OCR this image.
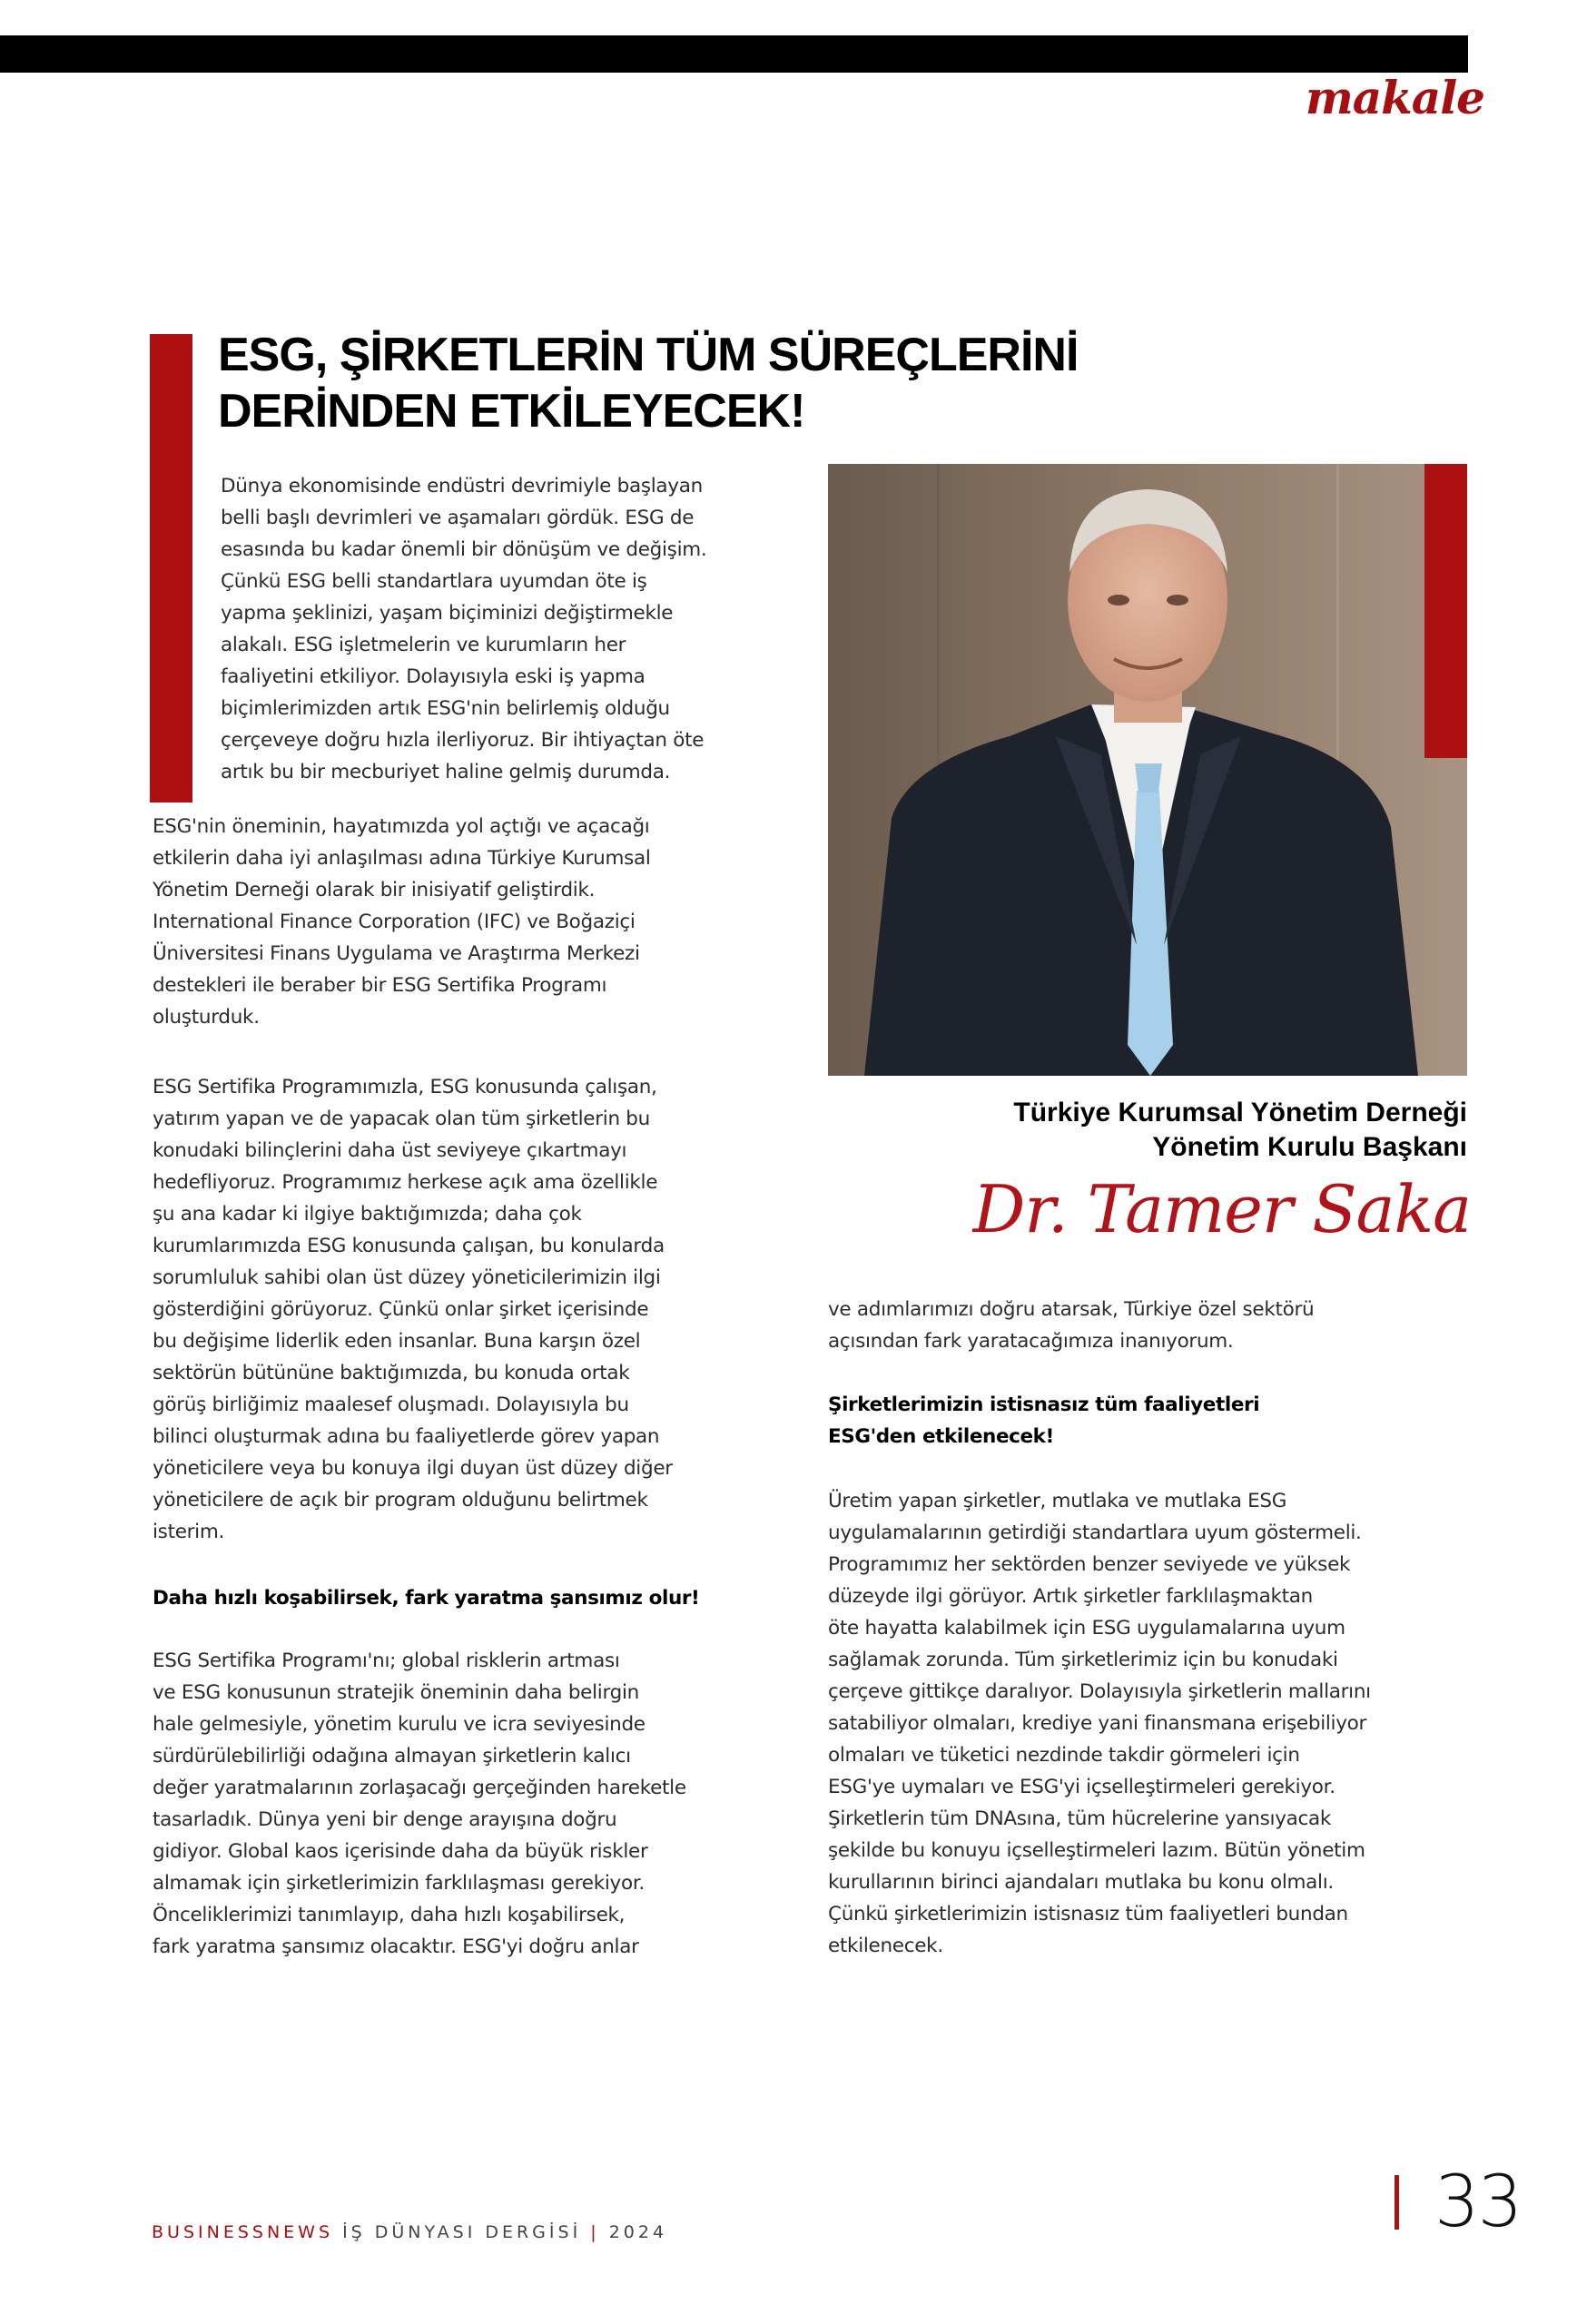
makale
ESG, ŞİRKETLERİN TÜM SÜREÇLERİNİ
DERİNDEN ETKİLEYECEK!
Dünya ekonomisinde endüstri devrimiyle başlayan
belli başlı devrimleri ve aşamaları gördük. ESG de
esasında bu kadar önemli bir dönüşüm ve değişim.
Çünkü ESG belli standartlara uyumdan öte iş
yapma şeklinizi, yaşam biçiminizi değiştirmekle
alakalı. ESG işletmelerin ve kurumların her
faaliyetini etkiliyor. Dolayısıyla eski iş yapma
biçimlerimizden artık ESG'nin belirlemiş olduğu
çerçeveye doğru hızla ilerliyoruz. Bir ihtiyaçtan öte
artık bu bir mecburiyet haline gelmiş durumda.
ESG'nin öneminin, hayatımızda yol açtığı ve açacağı
etkilerin daha iyi anlaşılması adına Türkiye Kurumsal
Yönetim Derneği olarak bir inisiyatif geliştirdik.
International Finance Corporation (IFC) ve Boğaziçi
Üniversitesi Finans Uygulama ve Araştırma Merkezi
destekleri ile beraber bir ESG Sertifika Programı
oluşturduk.
ESG Sertifika Programımızla, ESG konusunda çalışan,
yatırım yapan ve de yapacak olan tüm şirketlerin bu
konudaki bilinçlerini daha üst seviyeye çıkartmayı
hedefliyoruz. Programımız herkese açık ama özellikle
şu ana kadar ki ilgiye baktığımızda; daha çok
kurumlarımızda ESG konusunda çalışan, bu konularda
sorumluluk sahibi olan üst düzey yöneticilerimizin ilgi
gösterdiğini görüyoruz. Çünkü onlar şirket içerisinde
bu değişime liderlik eden insanlar. Buna karşın özel
sektörün bütününe baktığımızda, bu konuda ortak
görüş birliğimiz maalesef oluşmadı. Dolayısıyla bu
bilinci oluşturmak adına bu faaliyetlerde görev yapan
yöneticilere veya bu konuya ilgi duyan üst düzey diğer
yöneticilere de açık bir program olduğunu belirtmek
isterim.
Daha hızlı koşabilirsek, fark yaratma şansımız olur!
ESG Sertifika Programı'nı; global risklerin artması
ve ESG konusunun stratejik öneminin daha belirgin
hale gelmesiyle, yönetim kurulu ve icra seviyesinde
sürdürülebilirliği odağına almayan şirketlerin kalıcı
değer yaratmalarının zorlaşacağı gerçeğinden hareketle
tasarladık. Dünya yeni bir denge arayışına doğru
gidiyor. Global kaos içerisinde daha da büyük riskler
almamak için şirketlerimizin farklılaşması gerekiyor.
Önceliklerimizi tanımlayıp, daha hızlı koşabilirsek,
fark yaratma şansımız olacaktır. ESG'yi doğru anlar
Türkiye Kurumsal Yönetim Derneği
Yönetim Kurulu Başkanı
Dr. Tamer Saka
ve adımlarımızı doğru atarsak, Türkiye özel sektörü
açısından fark yaratacağımıza inanıyorum.
Şirketlerimizin istisnasız tüm faaliyetleri
ESG'den etkilenecek!
Üretim yapan şirketler, mutlaka ve mutlaka ESG
uygulamalarının getirdiği standartlara uyum göstermeli.
Programımız her sektörden benzer seviyede ve yüksek
düzeyde ilgi görüyor. Artık şirketler farklılaşmaktan
öte hayatta kalabilmek için ESG uygulamalarına uyum
sağlamak zorunda. Tüm şirketlerimiz için bu konudaki
çerçeve gittikçe daralıyor. Dolayısıyla şirketlerin mallarını
satabiliyor olmaları, krediye yani finansmana erişebiliyor
olmaları ve tüketici nezdinde takdir görmeleri için
ESG'ye uymaları ve ESG'yi içselleştirmeleri gerekiyor.
Şirketlerin tüm DNAsına, tüm hücrelerine yansıyacak
şekilde bu konuyu içselleştirmeleri lazım. Bütün yönetim
kurullarının birinci ajandaları mutlaka bu konu olmalı.
Çünkü şirketlerimizin istisnasız tüm faaliyetleri bundan
etkilenecek.
BUSINESSNEWS İŞ DÜNYASI DERGİSİ | 2024	33
